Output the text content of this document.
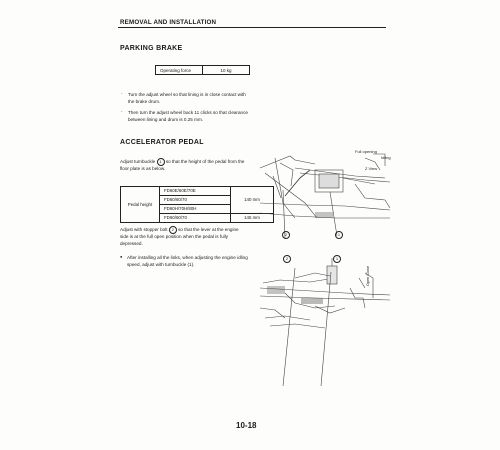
REMOVAL AND INSTALLATION
PARKING BRAKE
Operating force	10 kg
· Turn the adjust wheel so that lining is in close contact with the brake drum.
· Then turn the adjust wheel back 11 clicks so that clearance between lining and drum is 0.25 mm.
ACCELERATOR PEDAL
Adjust turnbuckle 1 so that the height of the pedal from the floor plate is as below.
Pedal height	FD60E/60E/70E	140 mm
	FD60/60/70	
	FD60H/70H/80H	
	FD60/60/70	145 mm
Adjust with stopper bolt 2 so that the lever at the engine side is at the full open position when the pedal is fully depressed.
● After installing all the links, when adjusting the engine idling speed, adjust with turnbuckle (1).
Full opening
Idling
Z View
2	1
2	1
Open Close
10-18
